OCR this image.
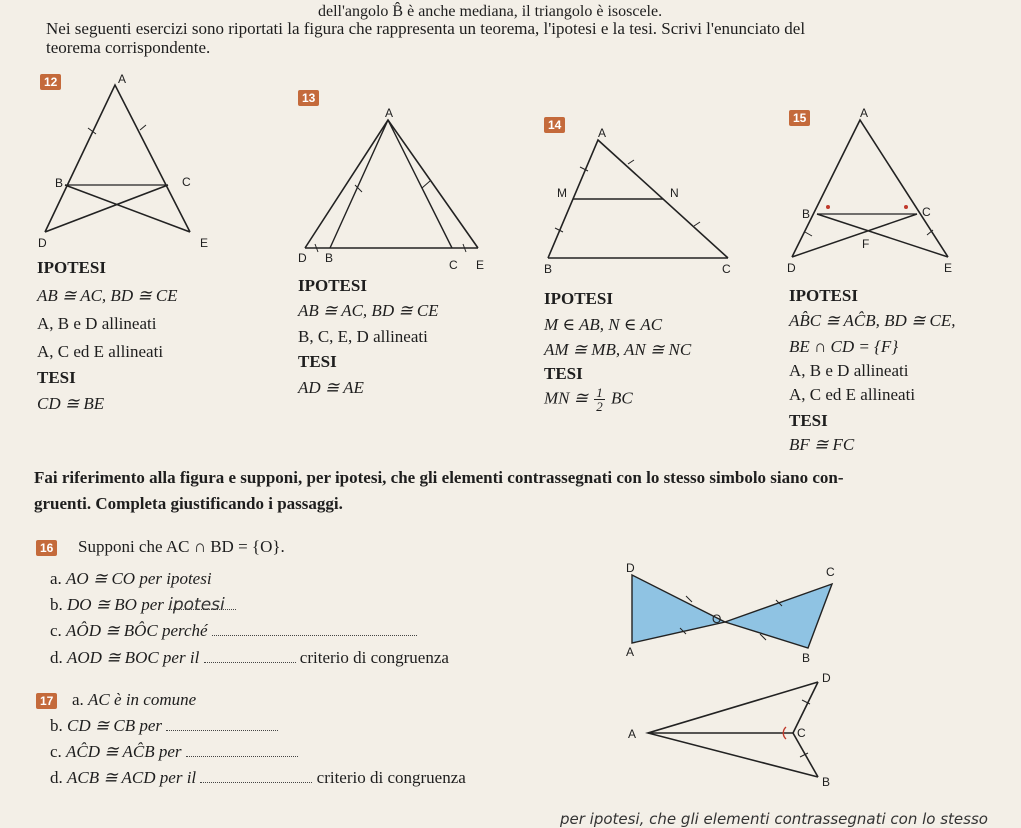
dell'angolo B̂ è anche mediana, il triangolo è isoscele.
Nei seguenti esercizi sono riportati la figura che rappresenta un teorema, l'ipotesi e la tesi. Scrivi l'enunciato del
teorema corrispondente.
12	A
B	C
D	E
IPOTESI
AB ≅ AC, BD ≅ CE
A, B e D allineati
A, C ed E allineati
TESI
CD ≅ BE
13
A
D B	C E
IPOTESI
AB ≅ AC, BD ≅ CE
B, C, E, D allineati
TESI
AD ≅ AE
14
A
M	N
B	C
IPOTESI
M ∈ AB, N ∈ AC
AM ≅ MB, AN ≅ NC
TESI
MN ≅ $\frac{1}{2}$ BC
15	A
B	C
F
D	E
IPOTESI
AB̂C ≅ AĈB, BD ≅ CE,
BE ∩ CD = {F}
A, B e D allineati
A, C ed E allineati
TESI
BF ≅ FC
Fai riferimento alla figura e supponi, per ipotesi, che gli elementi contrassegnati con lo stesso simbolo siano con-
gruenti. Completa giustificando i passaggi.
16 Supponi che AC ∩ BD = {O}.
a. AO ≅ CO per ipotesi
b. DO ≅ BO per ipotesi
c. AÔD ≅ BÔC perché
d. AOD ≅ BOC per il	criterio di congruenza
D	C
O
A	B
17 a. AC è in comune
b. CD ≅ CB per
c. AĈD ≅ AĈB per
d. ACB ≅ ACD per il	criterio di congruenza
D
A	C
B
per ipotesi, che gli elementi contrassegnati con lo stesso
